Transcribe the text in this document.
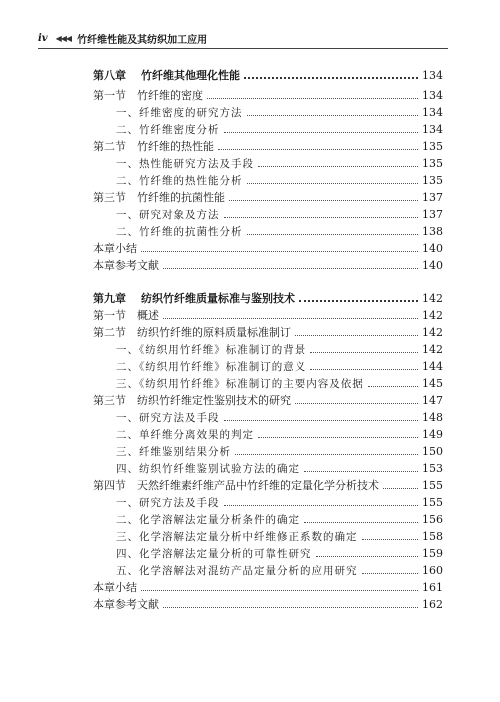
iv ◀◀◀ 竹纤维性能及其纺织加工应用
第八章 竹纤维其他理化性能	134
第一节 竹纤维的密度	134
一、纤维密度的研究方法	134
二、竹纤维密度分析	134
第二节 竹纤维的热性能	135
一、热性能研究方法及手段	135
二、竹纤维的热性能分析	135
第三节 竹纤维的抗菌性能	137
一、研究对象及方法	137
二、竹纤维的抗菌性分析	138
本章小结	140
本章参考文献	140
第九章 纺织竹纤维质量标准与鉴别技术	142
第一节 概述	142
第二节 纺织竹纤维的原料质量标准制订	142
一、《纺织用竹纤维》标准制订的背景	142
二、《纺织用竹纤维》标准制订的意义	144
三、《纺织用竹纤维》标准制订的主要内容及依据	145
第三节 纺织竹纤维定性鉴别技术的研究	147
一、研究方法及手段	148
二、单纤维分离效果的判定	149
三、纤维鉴别结果分析	150
四、纺织竹纤维鉴别试验方法的确定	153
第四节 天然纤维素纤维产品中竹纤维的定量化学分析技术	155
一、研究方法及手段	155
二、化学溶解法定量分析条件的确定	156
三、化学溶解法定量分析中纤维修正系数的确定	158
四、化学溶解法定量分析的可靠性研究	159
五、化学溶解法对混纺产品定量分析的应用研究	160
本章小结	161
本章参考文献	162
